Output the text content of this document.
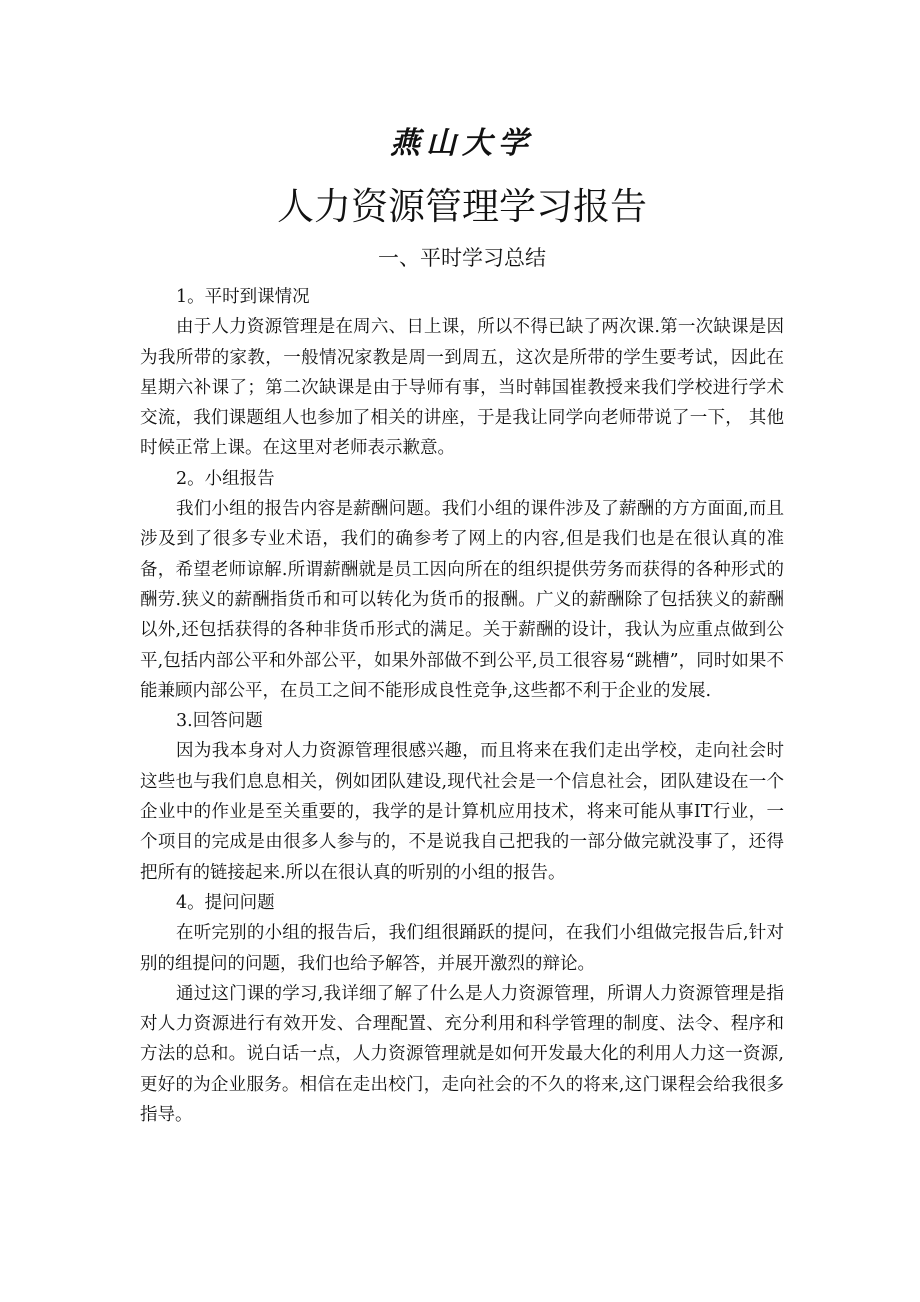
燕山大学
人力资源管理学习报告
一、平时学习总结

1。平时到课情况

由于人力资源管理是在周六、日上课，所以不得已缺了两次课.第一次缺课是因为我所带的家教，一般情况家教是周一到周五，这次是所带的学生要考试，因此在星期六补课了；第二次缺课是由于导师有事，当时韩国崔教授来我们学校进行学术交流，我们课题组人也参加了相关的讲座，于是我让同学向老师带说了一下， 其他时候正常上课。在这里对老师表示歉意。

2。小组报告

我们小组的报告内容是薪酬问题。我们小组的课件涉及了薪酬的方方面面,而且涉及到了很多专业术语，我们的确参考了网上的内容,但是我们也是在很认真的准备，希望老师谅解.所谓薪酬就是员工因向所在的组织提供劳务而获得的各种形式的酬劳.狭义的薪酬指货币和可以转化为货币的报酬。广义的薪酬除了包括狭义的薪酬以外,还包括获得的各种非货币形式的满足。关于薪酬的设计，我认为应重点做到公平,包括内部公平和外部公平，如果外部做不到公平,员工很容易“跳槽”，同时如果不能兼顾内部公平，在员工之间不能形成良性竞争,这些都不利于企业的发展.

3.回答问题

因为我本身对人力资源管理很感兴趣，而且将来在我们走出学校，走向社会时这些也与我们息息相关，例如团队建设,现代社会是一个信息社会，团队建设在一个企业中的作业是至关重要的，我学的是计算机应用技术，将来可能从事IT行业，一个项目的完成是由很多人参与的，不是说我自己把我的一部分做完就没事了，还得把所有的链接起来.所以在很认真的听别的小组的报告。

4。提问问题

在听完别的小组的报告后，我们组很踊跃的提问，在我们小组做完报告后,针对别的组提问的问题，我们也给予解答，并展开激烈的辩论。

通过这门课的学习,我详细了解了什么是人力资源管理，所谓人力资源管理是指对人力资源进行有效开发、合理配置、充分利用和科学管理的制度、法令、程序和方法的总和。说白话一点，人力资源管理就是如何开发最大化的利用人力这一资源,更好的为企业服务。相信在走出校门，走向社会的不久的将来,这门课程会给我很多指导。
